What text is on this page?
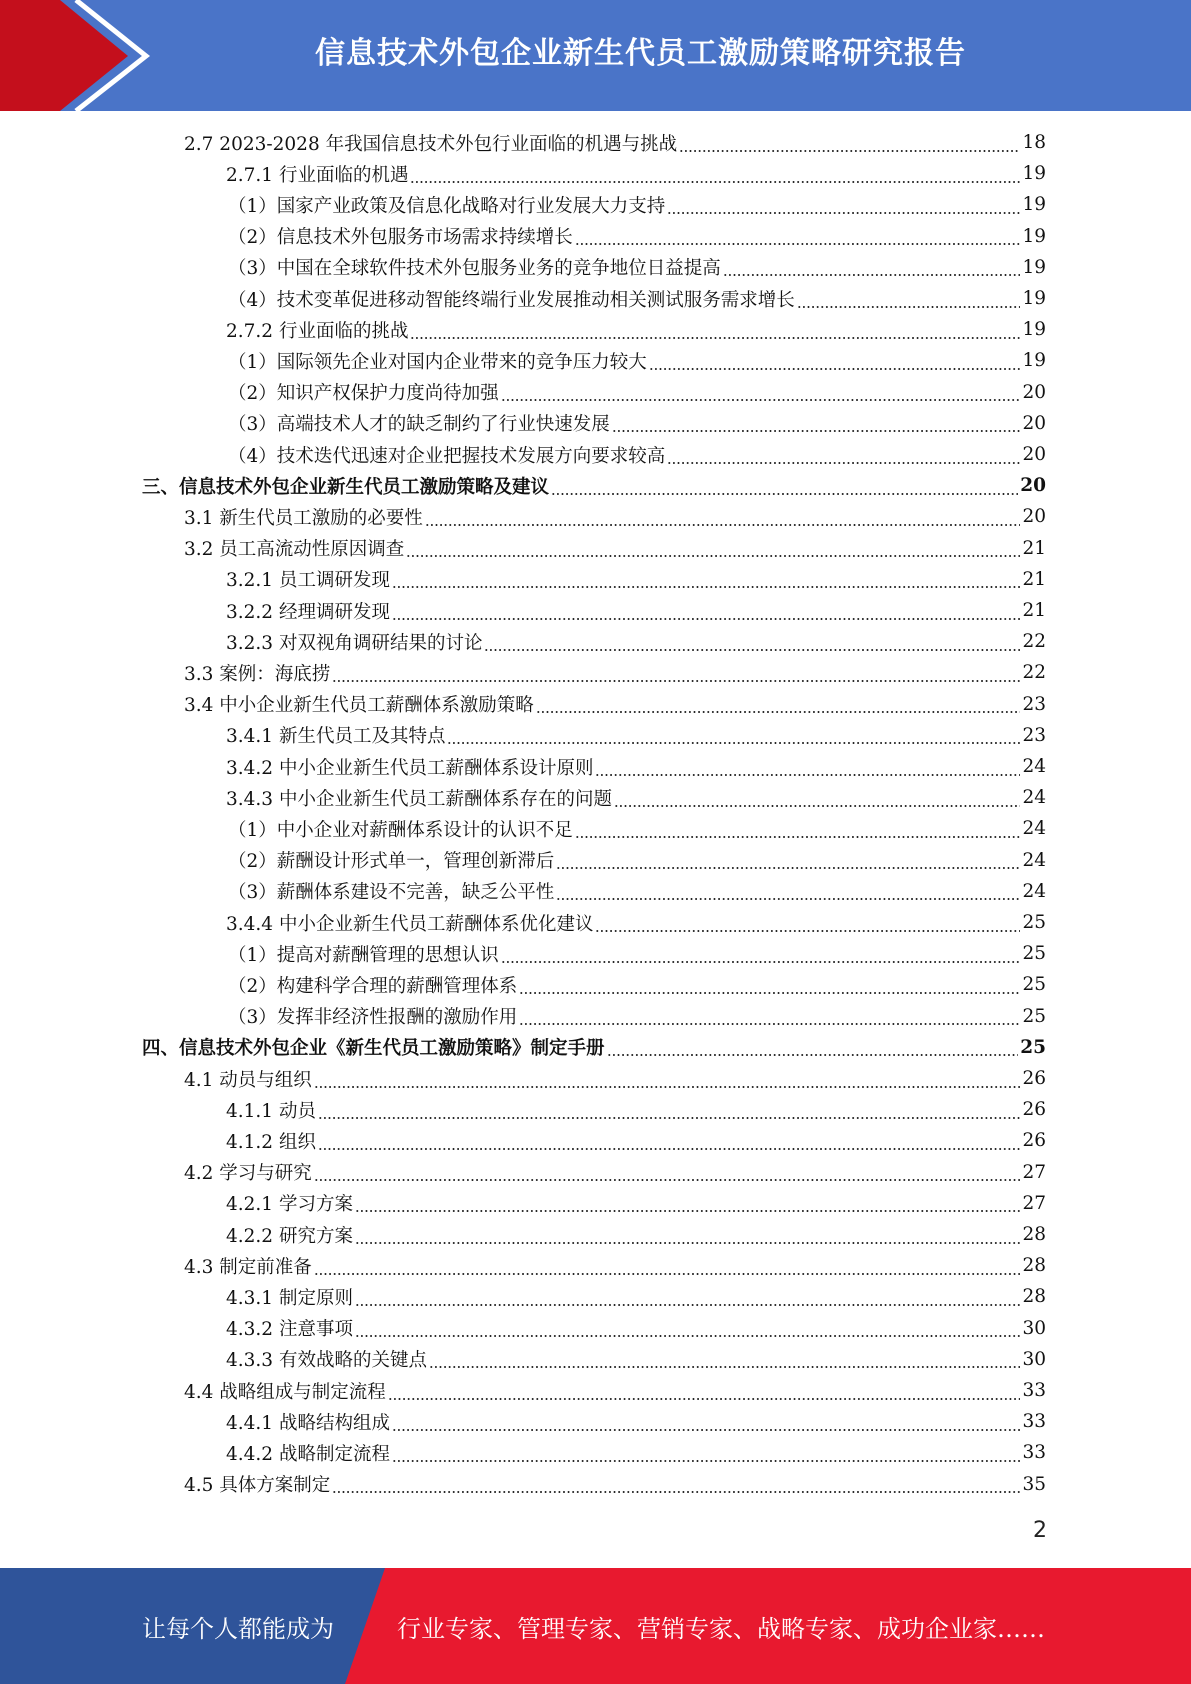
信息技术外包企业新生代员工激励策略研究报告
2.7 2023-2028 年我国信息技术外包行业面临的机遇与挑战	18
2.7.1 行业面临的机遇	19
（1）国家产业政策及信息化战略对行业发展大力支持	19
（2）信息技术外包服务市场需求持续增长	19
（3）中国在全球软件技术外包服务业务的竞争地位日益提高	19
（4）技术变革促进移动智能终端行业发展推动相关测试服务需求增长	19
2.7.2 行业面临的挑战	19
（1）国际领先企业对国内企业带来的竞争压力较大	19
（2）知识产权保护力度尚待加强	20
（3）高端技术人才的缺乏制约了行业快速发展	20
（4）技术迭代迅速对企业把握技术发展方向要求较高	20
三、信息技术外包企业新生代员工激励策略及建议	20
3.1 新生代员工激励的必要性	20
3.2 员工高流动性原因调查	21
3.2.1 员工调研发现	21
3.2.2 经理调研发现	21
3.2.3 对双视角调研结果的讨论	22
3.3 案例：海底捞	22
3.4 中小企业新生代员工薪酬体系激励策略	23
3.4.1 新生代员工及其特点	23
3.4.2 中小企业新生代员工薪酬体系设计原则	24
3.4.3 中小企业新生代员工薪酬体系存在的问题	24
（1）中小企业对薪酬体系设计的认识不足	24
（2）薪酬设计形式单一，管理创新滞后	24
（3）薪酬体系建设不完善，缺乏公平性	24
3.4.4 中小企业新生代员工薪酬体系优化建议	25
（1）提高对薪酬管理的思想认识	25
（2）构建科学合理的薪酬管理体系	25
（3）发挥非经济性报酬的激励作用	25
四、信息技术外包企业《新生代员工激励策略》制定手册	25
4.1 动员与组织	26
4.1.1 动员	26
4.1.2 组织	26
4.2 学习与研究	27
4.2.1 学习方案	27
4.2.2 研究方案	28
4.3 制定前准备	28
4.3.1 制定原则	28
4.3.2 注意事项	30
4.3.3 有效战略的关键点	30
4.4 战略组成与制定流程	33
4.4.1 战略结构组成	33
4.4.2 战略制定流程	33
4.5 具体方案制定	35
2
让每个人都能成为	行业专家、管理专家、营销专家、战略专家、成功企业家……
